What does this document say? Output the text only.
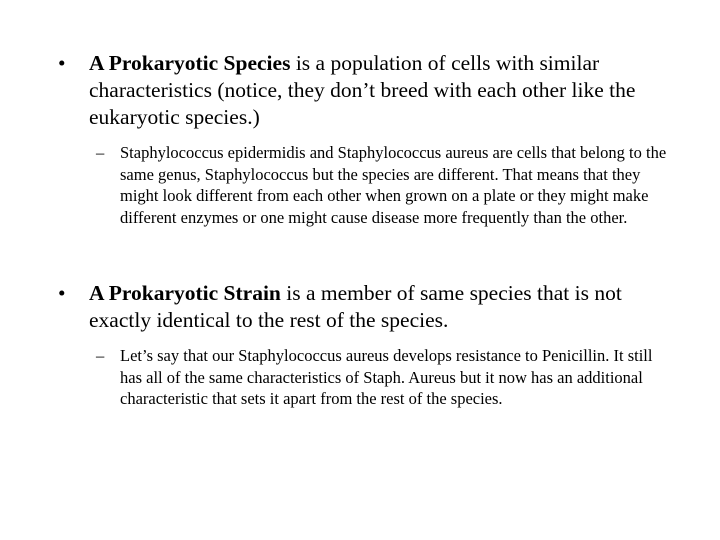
• A Prokaryotic Species is a population of cells with similar characteristics (notice, they don’t breed with each other like the eukaryotic species.)
– Staphylococcus epidermidis and Staphylococcus aureus are cells that belong to the same genus, Staphylococcus but the species are different. That means that they might look different from each other when grown on a plate or they might make different enzymes or one might cause disease more frequently than the other.
• A Prokaryotic Strain is a member of same species that is not exactly identical to the rest of the species.
– Let’s say that our Staphylococcus aureus develops resistance to Penicillin. It still has all of the same characteristics of Staph. Aureus but it now has an additional characteristic that sets it apart from the rest of the species.
